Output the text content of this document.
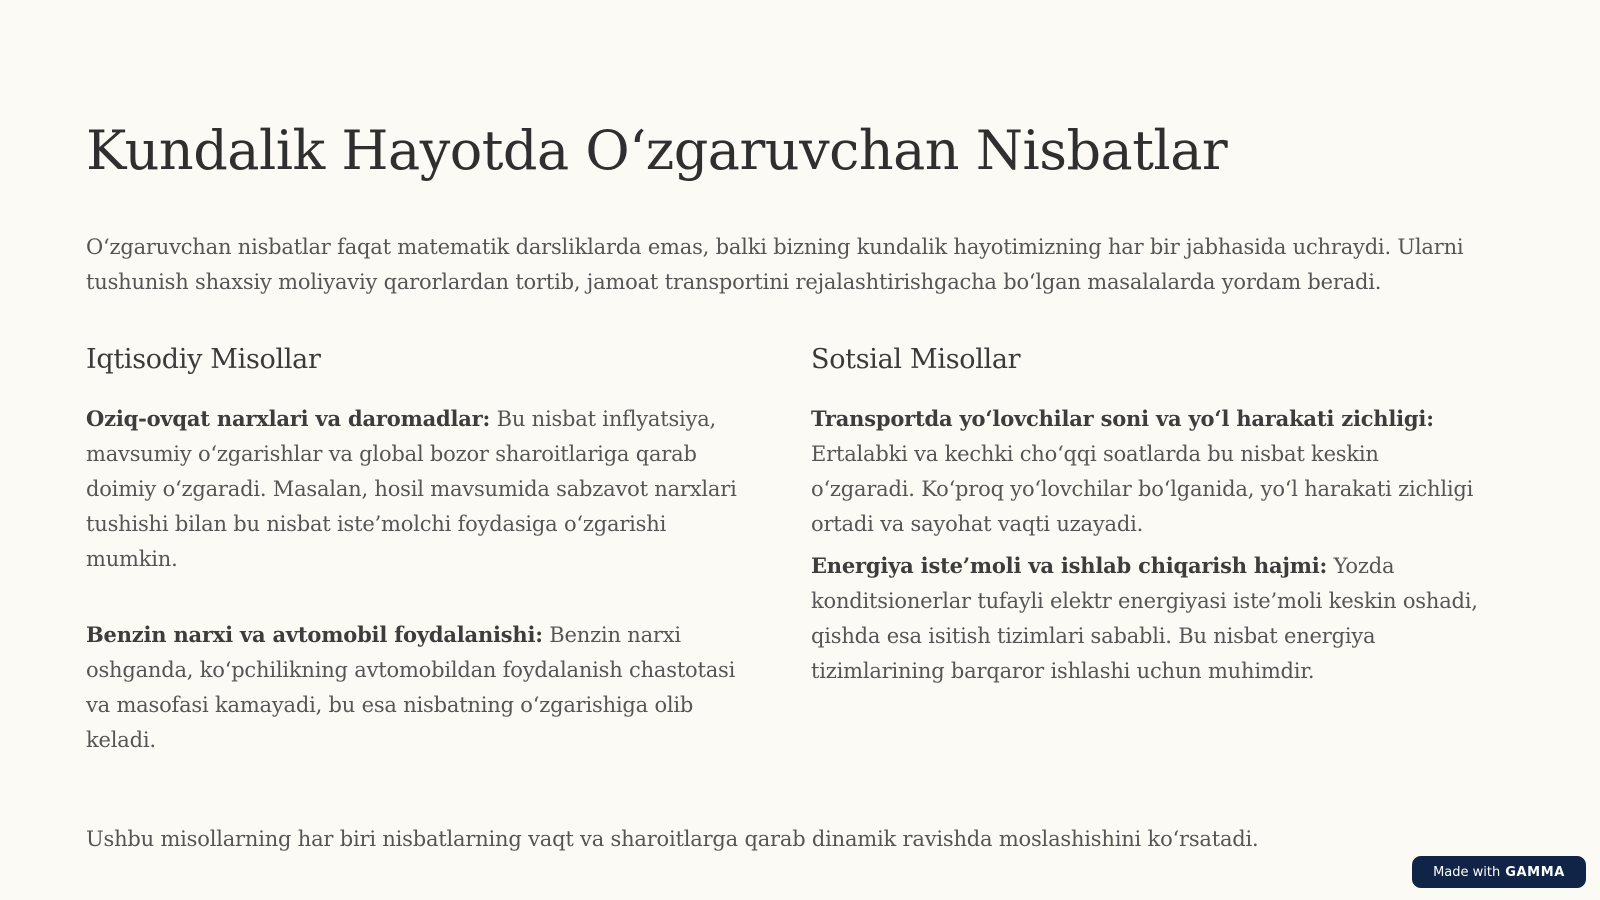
Kundalik Hayotda O‘zgaruvchan Nisbatlar

O‘zgaruvchan nisbatlar faqat matematik darsliklarda emas, balki bizning kundalik hayotimizning har bir jabhasida uchraydi. Ularni tushunish shaxsiy moliyaviy qarorlardan tortib, jamoat transportini rejalashtirishgacha bo‘lgan masalalarda yordam beradi.

Iqtisodiy Misollar

Oziq-ovqat narxlari va daromadlar: Bu nisbat inflyatsiya, mavsumiy o‘zgarishlar va global bozor sharoitlariga qarab doimiy o‘zgaradi. Masalan, hosil mavsumida sabzavot narxlari tushishi bilan bu nisbat iste’molchi foydasiga o‘zgarishi mumkin.

Benzin narxi va avtomobil foydalanishi: Benzin narxi oshganda, ko‘pchilikning avtomobildan foydalanish chastotasi va masofasi kamayadi, bu esa nisbatning o‘zgarishiga olib keladi.

Sotsial Misollar

Transportda yo‘lovchilar soni va yo‘l harakati zichligi: Ertalabki va kechki cho‘qqi soatlarda bu nisbat keskin o‘zgaradi. Ko‘proq yo‘lovchilar bo‘lganida, yo‘l harakati zichligi ortadi va sayohat vaqti uzayadi.

Energiya iste’moli va ishlab chiqarish hajmi: Yozda konditsionerlar tufayli elektr energiyasi iste’moli keskin oshadi, qishda esa isitish tizimlari sababli. Bu nisbat energiya tizimlarining barqaror ishlashi uchun muhimdir.

Ushbu misollarning har biri nisbatlarning vaqt va sharoitlarga qarab dinamik ravishda moslashishini ko‘rsatadi.

Made with GAMMA
